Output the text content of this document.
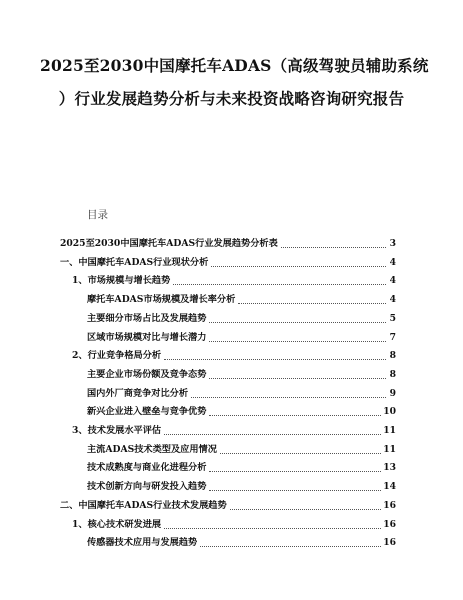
2025至2030中国摩托车ADAS（高级驾驶员辅助系统
）行业发展趋势分析与未来投资战略咨询研究报告
目录
2025至2030中国摩托车ADAS行业发展趋势分析表	3
一、中国摩托车ADAS行业现状分析	4
1、市场规模与增长趋势	4
摩托车ADAS市场规模及增长率分析	4
主要细分市场占比及发展趋势	5
区域市场规模对比与增长潜力	7
2、行业竞争格局分析	8
主要企业市场份额及竞争态势	8
国内外厂商竞争对比分析	9
新兴企业进入壁垒与竞争优势	10
3、技术发展水平评估	11
主流ADAS技术类型及应用情况	11
技术成熟度与商业化进程分析	13
技术创新方向与研发投入趋势	14
二、中国摩托车ADAS行业技术发展趋势	16
1、核心技术研发进展	16
传感器技术应用与发展趋势	16
